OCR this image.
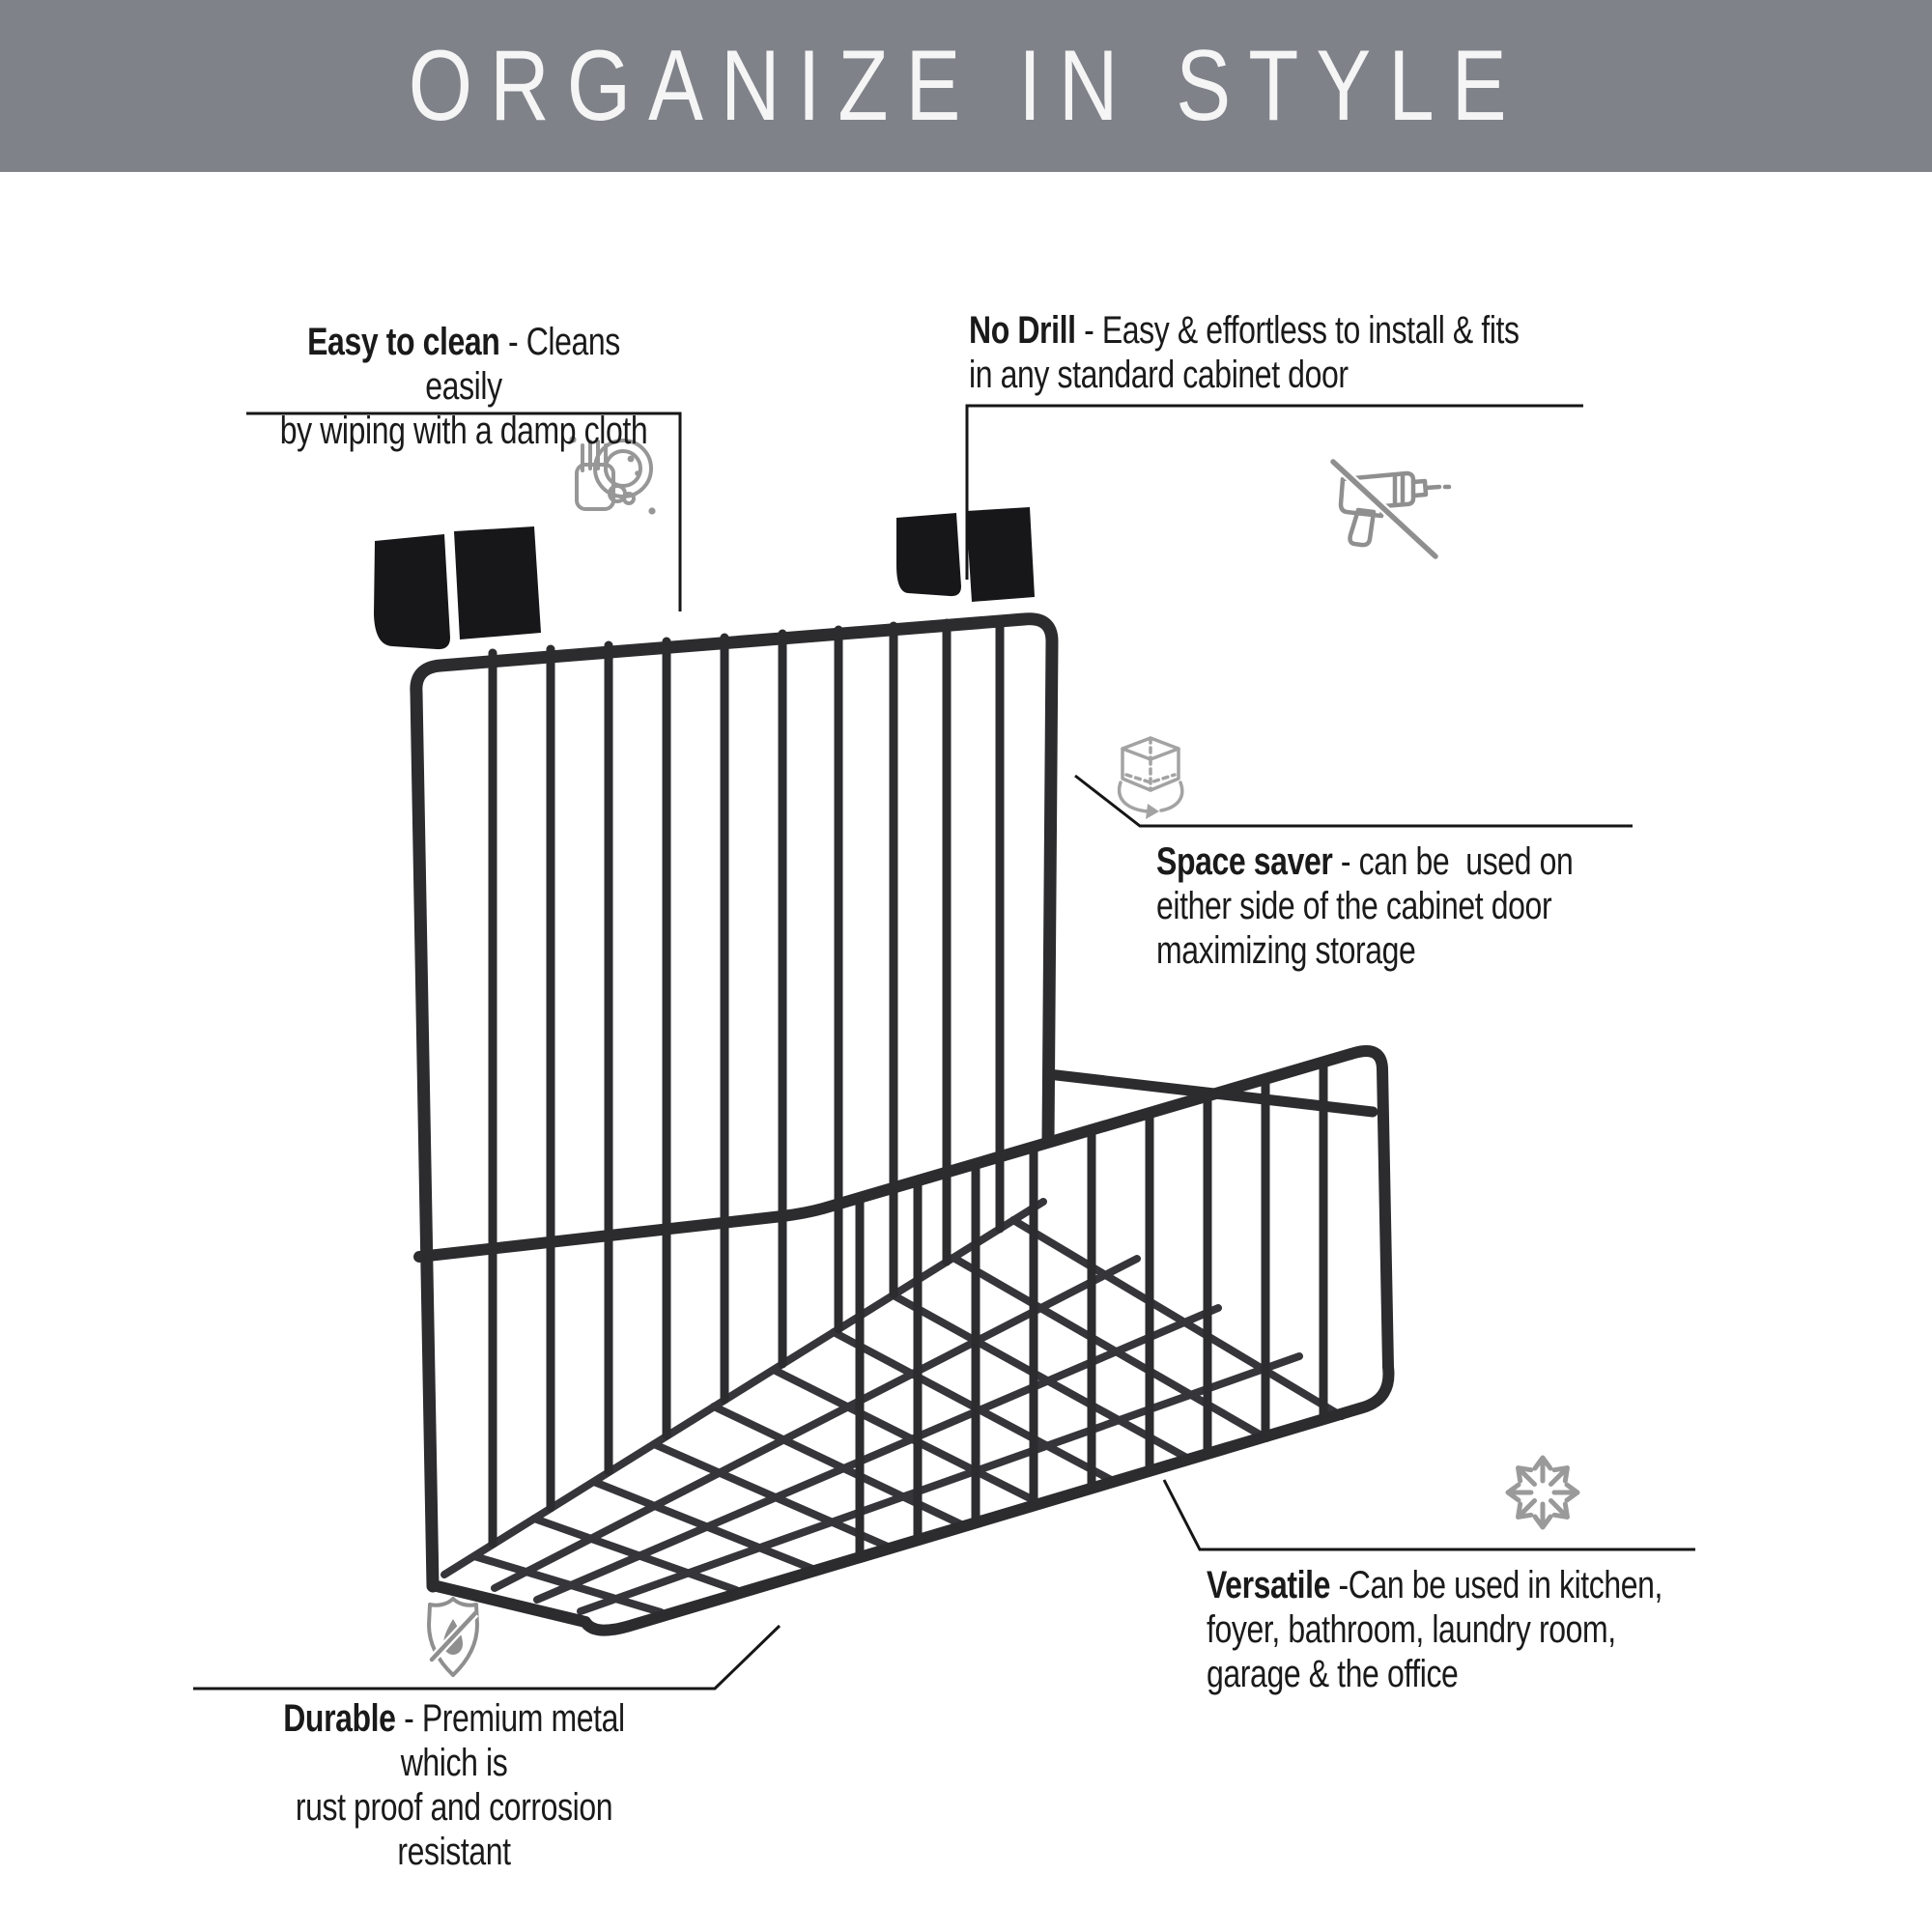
ORGANIZE IN STYLE
Easy to clean - Cleans easily
by wiping with a damp cloth
No Drill - Easy & effortless to install & fits
in any standard cabinet door
Space saver - can be  used on
either side of the cabinet door
maximizing storage
Versatile -Can be used in kitchen,
foyer, bathroom, laundry room,
garage & the office
Durable - Premium metal which is
rust proof and corrosion resistant
